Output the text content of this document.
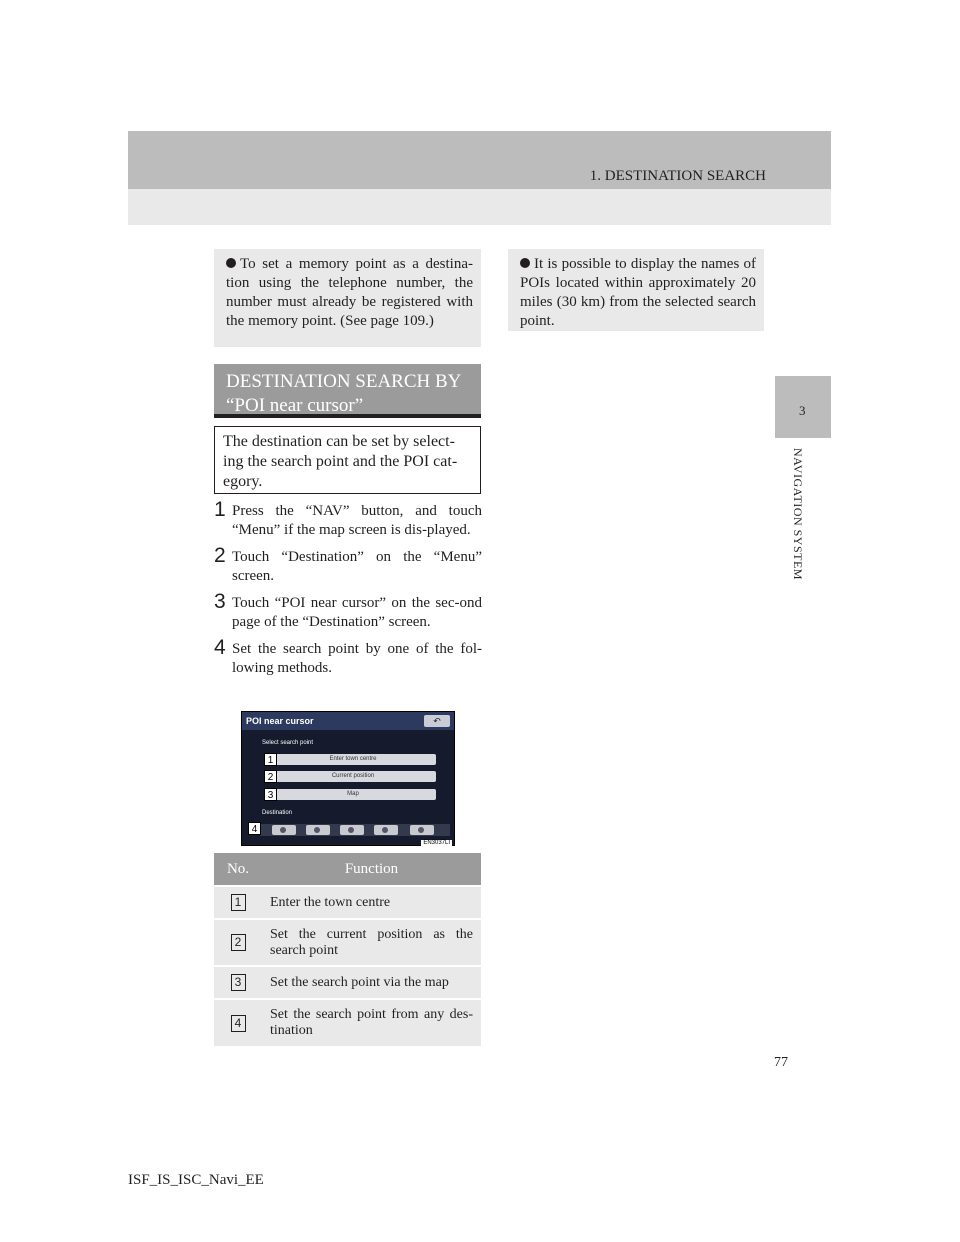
1. DESTINATION SEARCH
3
NAVIGATION SYSTEM
To set a memory point as a destina-tion using the telephone number, the number must already be registered with the memory point. (See page 109.)
It is possible to display the names of POIs located within approximately 20 miles (30 km) from the selected search point.
DESTINATION SEARCH BY
“POI near cursor”
The destination can be set by select-ing the search point and the POI cat-egory.
1 Press the “NAV” button, and touch “Menu” if the map screen is dis-played.
2 Touch “Destination” on the “Menu” screen.
3 Touch “POI near cursor” on the sec-ond page of the “Destination” screen.
4 Set the search point by one of the fol-lowing methods.
POI near cursor	↶
Select search point
Enter town centre
Current position
Map
1
2
3
Destination
4
EN3037LI
No.	Function
1	Enter the town centre
2	Set the current position as the search point
3	Set the search point via the map
4	Set the search point from any des-tination
77
ISF_IS_ISC_Navi_EE
